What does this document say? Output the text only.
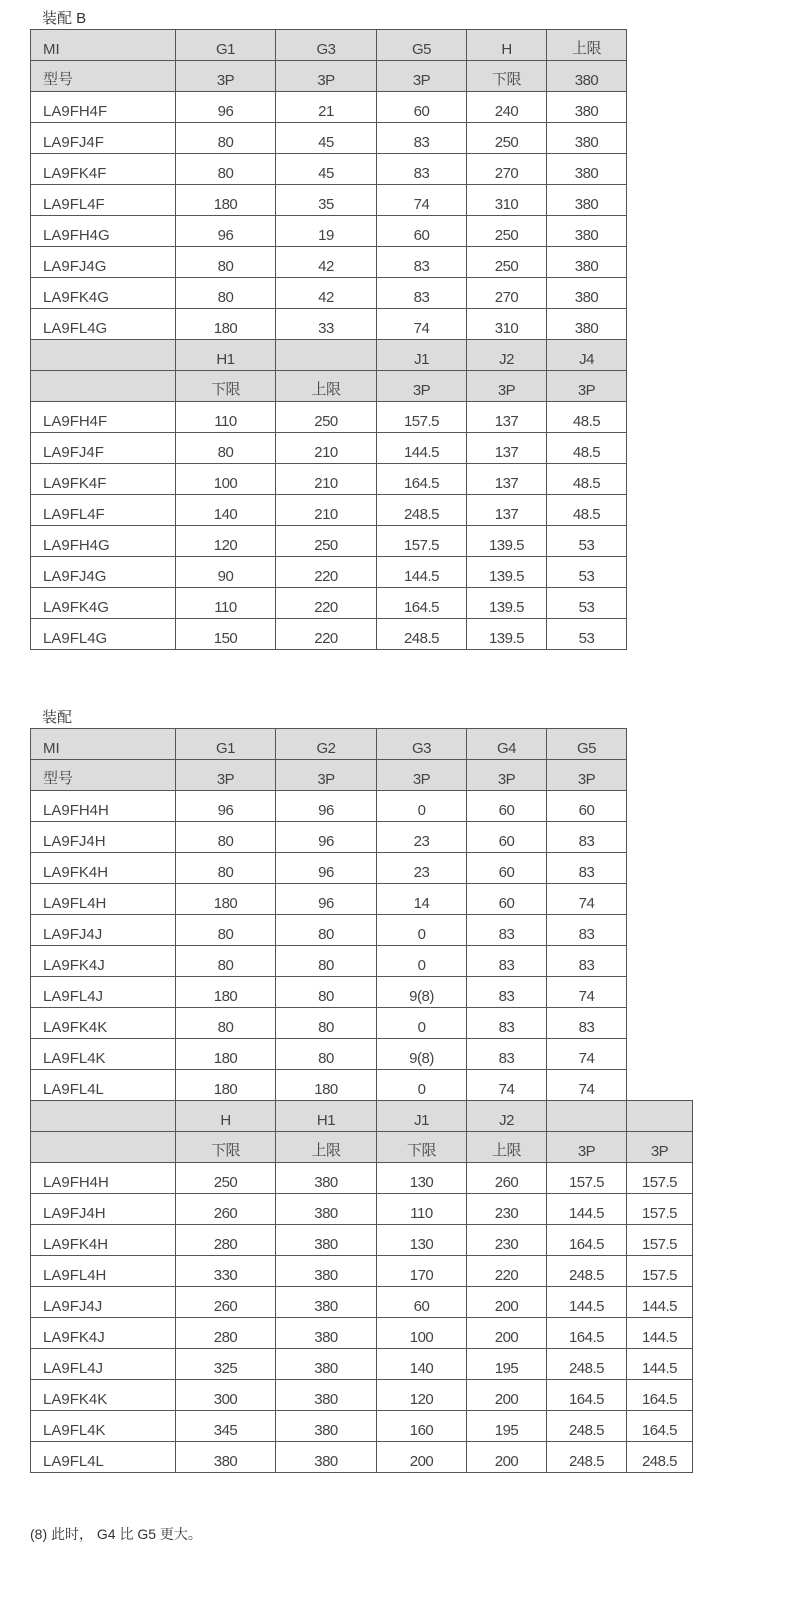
装配 B
MI	G1	G3	G5	H	上限	
型号	3P	3P	3P	下限	380	
LA9FH4F	96	21	60	240	380	
LA9FJ4F	80	45	83	250	380	
LA9FK4F	80	45	83	270	380	
LA9FL4F	180	35	74	310	380	
LA9FH4G	96	19	60	250	380	
LA9FJ4G	80	42	83	250	380	
LA9FK4G	80	42	83	270	380	
LA9FL4G	180	33	74	310	380	
	H1		J1	J2	J4	
	下限	上限	3P	3P	3P	
LA9FH4F	110	250	157.5	137	48.5	
LA9FJ4F	80	210	144.5	137	48.5	
LA9FK4F	100	210	164.5	137	48.5	
LA9FL4F	140	210	248.5	137	48.5	
LA9FH4G	120	250	157.5	139.5	53	
LA9FJ4G	90	220	144.5	139.5	53	
LA9FK4G	110	220	164.5	139.5	53	
LA9FL4G	150	220	248.5	139.5	53	
装配
MI	G1	G2	G3	G4	G5	
型号	3P	3P	3P	3P	3P	
LA9FH4H	96	96	0	60	60	
LA9FJ4H	80	96	23	60	83	
LA9FK4H	80	96	23	60	83	
LA9FL4H	180	96	14	60	74	
LA9FJ4J	80	80	0	83	83	
LA9FK4J	80	80	0	83	83	
LA9FL4J	180	80	9(8)	83	74	
LA9FK4K	80	80	0	83	83	
LA9FL4K	180	80	9(8)	83	74	
LA9FL4L	180	180	0	74	74	
	H	H1	J1	J2		
	下限	上限	下限	上限	3P	3P
LA9FH4H	250	380	130	260	157.5	157.5
LA9FJ4H	260	380	110	230	144.5	157.5
LA9FK4H	280	380	130	230	164.5	157.5
LA9FL4H	330	380	170	220	248.5	157.5
LA9FJ4J	260	380	60	200	144.5	144.5
LA9FK4J	280	380	100	200	164.5	144.5
LA9FL4J	325	380	140	195	248.5	144.5
LA9FK4K	300	380	120	200	164.5	164.5
LA9FL4K	345	380	160	195	248.5	164.5
LA9FL4L	380	380	200	200	248.5	248.5
(8) 此时， G4 比 G5 更大。
